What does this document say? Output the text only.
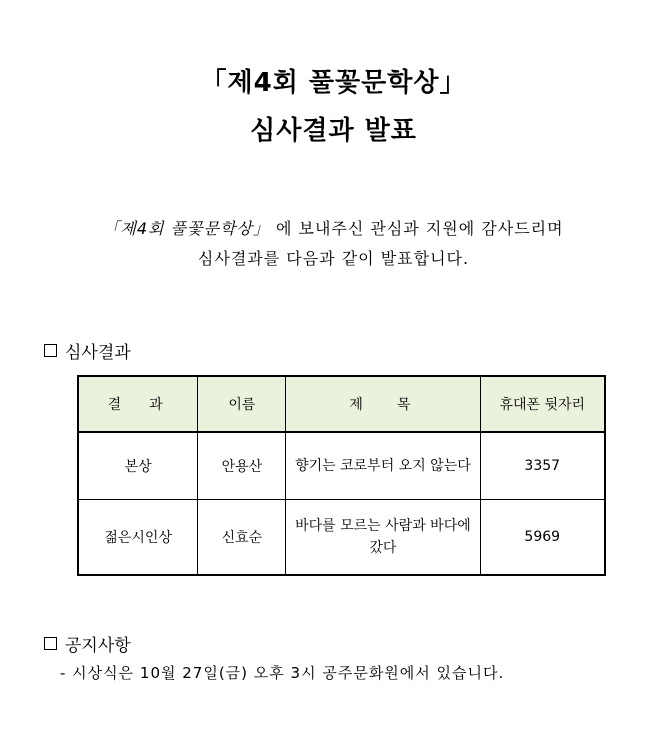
「제4회 풀꽃문학상」
심사결과 발표
「제4회 풀꽃문학상」 에 보내주신 관심과 지원에 감사드리며
심사결과를 다음과 같이 발표합니다.
심사결과
결과	이름	제목	휴대폰 뒷자리
본상	안용산	향기는 코로부터 오지 않는다	3357
젊은시인상	신효순	바다를 모르는 사람과 바다에 갔다	5969
공지사항
- 시상식은 10월 27일(금) 오후 3시 공주문화원에서 있습니다.
